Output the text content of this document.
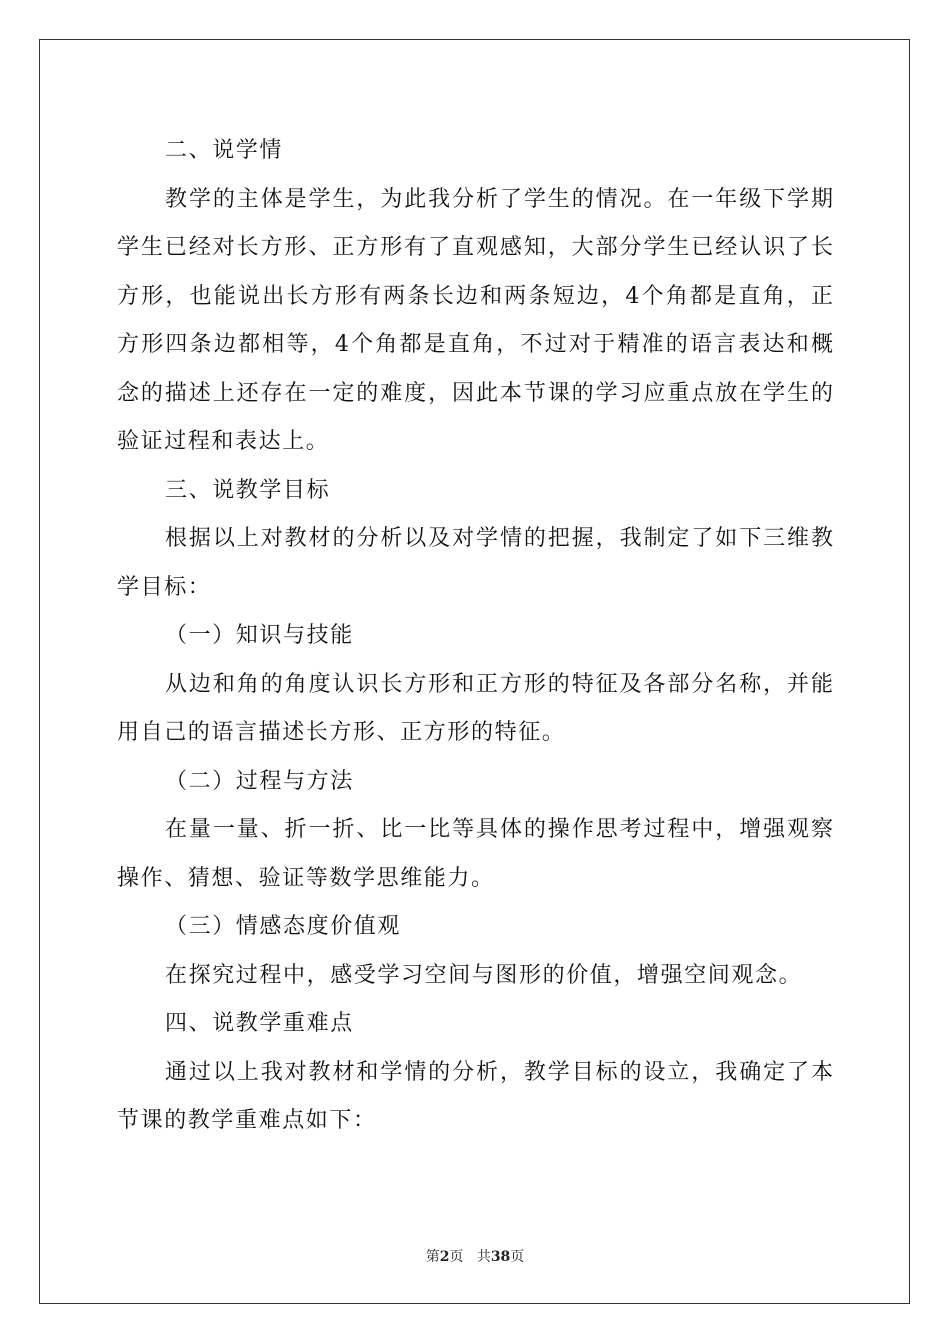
二、说学情
教学的主体是学生，为此我分析了学生的情况。在一年级下学期
学生已经对长方形、正方形有了直观感知，大部分学生已经认识了长
方形，也能说出长方形有两条长边和两条短边，4个角都是直角，正
方形四条边都相等，4个角都是直角，不过对于精准的语言表达和概
念的描述上还存在一定的难度，因此本节课的学习应重点放在学生的
验证过程和表达上。
三、说教学目标
根据以上对教材的分析以及对学情的把握，我制定了如下三维教
学目标：
（一）知识与技能
从边和角的角度认识长方形和正方形的特征及各部分名称，并能
用自己的语言描述长方形、正方形的特征。
（二）过程与方法
在量一量、折一折、比一比等具体的操作思考过程中，增强观察
操作、猜想、验证等数学思维能力。
（三）情感态度价值观
在探究过程中，感受学习空间与图形的价值，增强空间观念。
四、说教学重难点
通过以上我对教材和学情的分析，教学目标的设立，我确定了本
节课的教学重难点如下：
第2页 共38页
